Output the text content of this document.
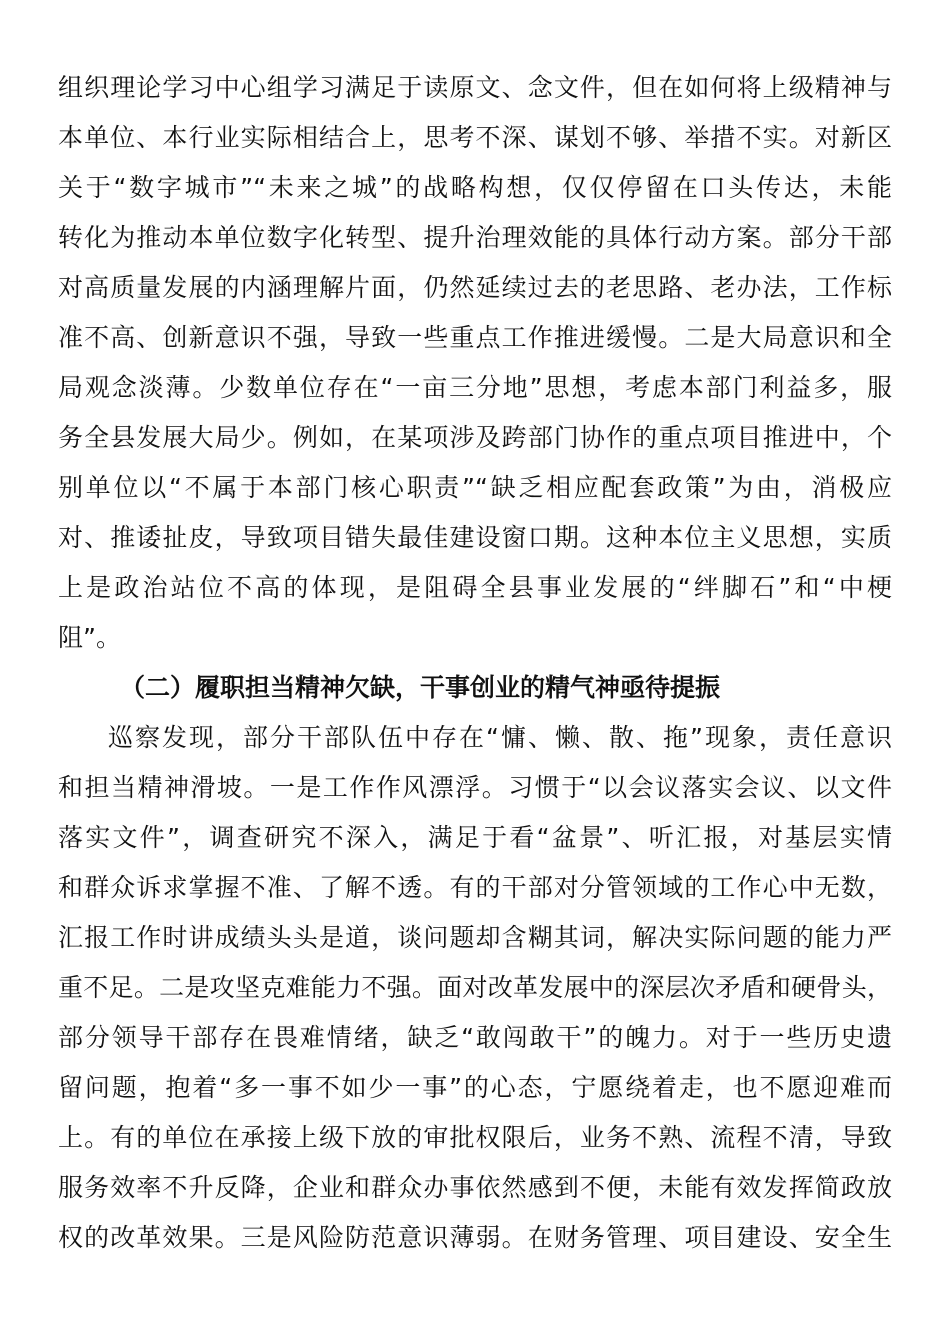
组织理论学习中心组学习满足于读原文、念文件，但在如何将上级精神与
本单位、本行业实际相结合上，思考不深、谋划不够、举措不实。对新区
关于“数字城市”“未来之城”的战略构想，仅仅停留在口头传达，未能
转化为推动本单位数字化转型、提升治理效能的具体行动方案。部分干部
对高质量发展的内涵理解片面，仍然延续过去的老思路、老办法，工作标
准不高、创新意识不强，导致一些重点工作推进缓慢。二是大局意识和全
局观念淡薄。少数单位存在“一亩三分地”思想，考虑本部门利益多，服
务全县发展大局少。例如，在某项涉及跨部门协作的重点项目推进中，个
别单位以“不属于本部门核心职责”“缺乏相应配套政策”为由，消极应
对、推诿扯皮，导致项目错失最佳建设窗口期。这种本位主义思想，实质
上是政治站位不高的体现，是阻碍全县事业发展的“绊脚石”和“中梗
阻”。
（二）履职担当精神欠缺，干事创业的精气神亟待提振
巡察发现，部分干部队伍中存在“慵、懒、散、拖”现象，责任意识
和担当精神滑坡。一是工作作风漂浮。习惯于“以会议落实会议、以文件
落实文件”，调查研究不深入，满足于看“盆景”、听汇报，对基层实情
和群众诉求掌握不准、了解不透。有的干部对分管领域的工作心中无数，
汇报工作时讲成绩头头是道，谈问题却含糊其词，解决实际问题的能力严
重不足。二是攻坚克难能力不强。面对改革发展中的深层次矛盾和硬骨头，
部分领导干部存在畏难情绪，缺乏“敢闯敢干”的魄力。对于一些历史遗
留问题，抱着“多一事不如少一事”的心态，宁愿绕着走，也不愿迎难而
上。有的单位在承接上级下放的审批权限后，业务不熟、流程不清，导致
服务效率不升反降，企业和群众办事依然感到不便，未能有效发挥简政放
权的改革效果。三是风险防范意识薄弱。在财务管理、项目建设、安全生
